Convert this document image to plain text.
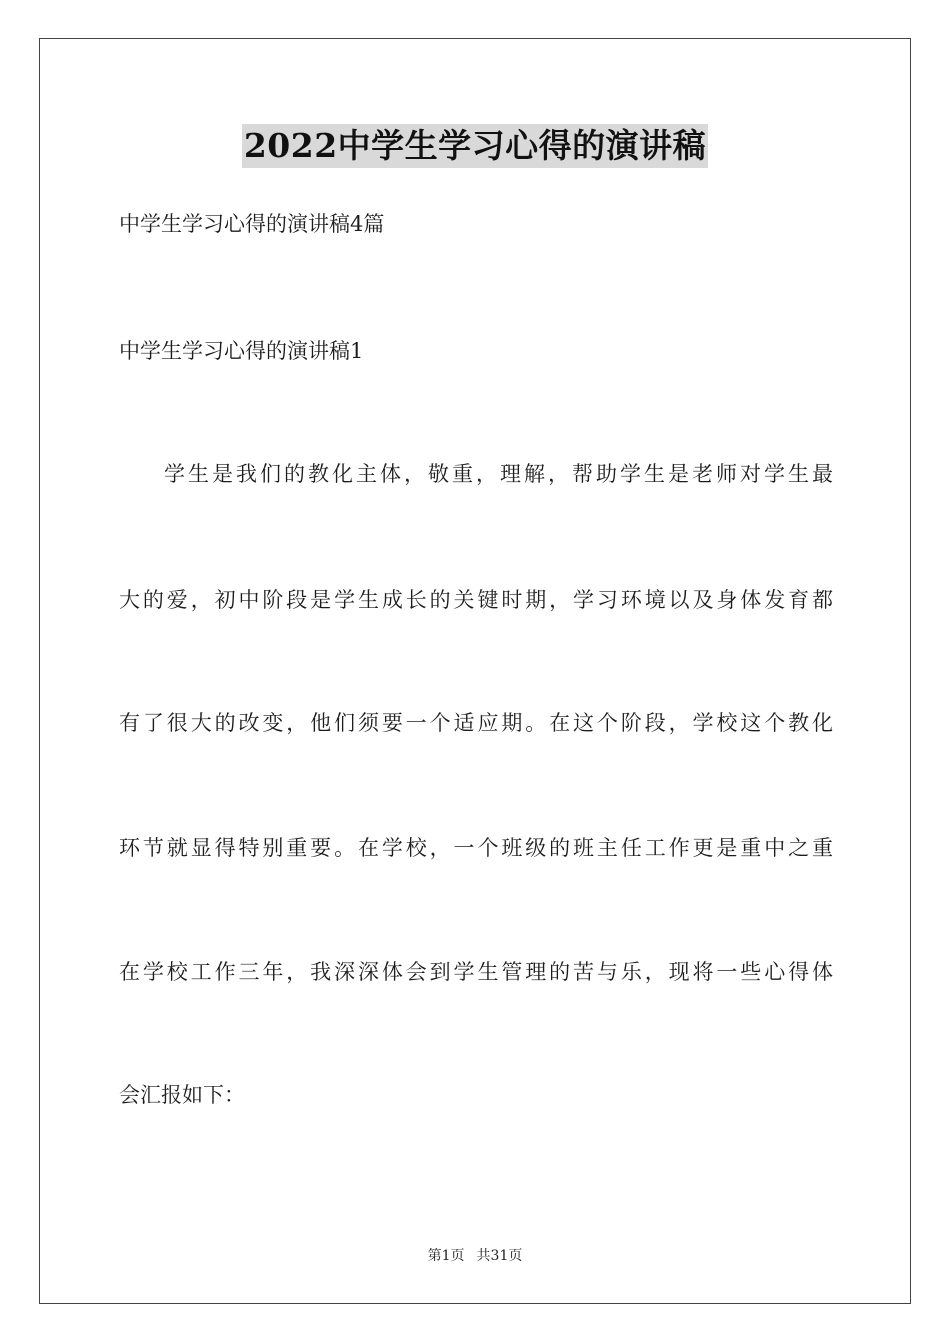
2022中学生学习心得的演讲稿
中学生学习心得的演讲稿4篇
中学生学习心得的演讲稿1
学生是我们的教化主体，敬重，理解，帮助学生是老师对学生最
大的爱，初中阶段是学生成长的关键时期，学习环境以及身体发育都
有了很大的改变，他们须要一个适应期。在这个阶段，学校这个教化
环节就显得特别重要。在学校，一个班级的班主任工作更是重中之重
在学校工作三年，我深深体会到学生管理的苦与乐，现将一些心得体
会汇报如下：
第1页 共31页
